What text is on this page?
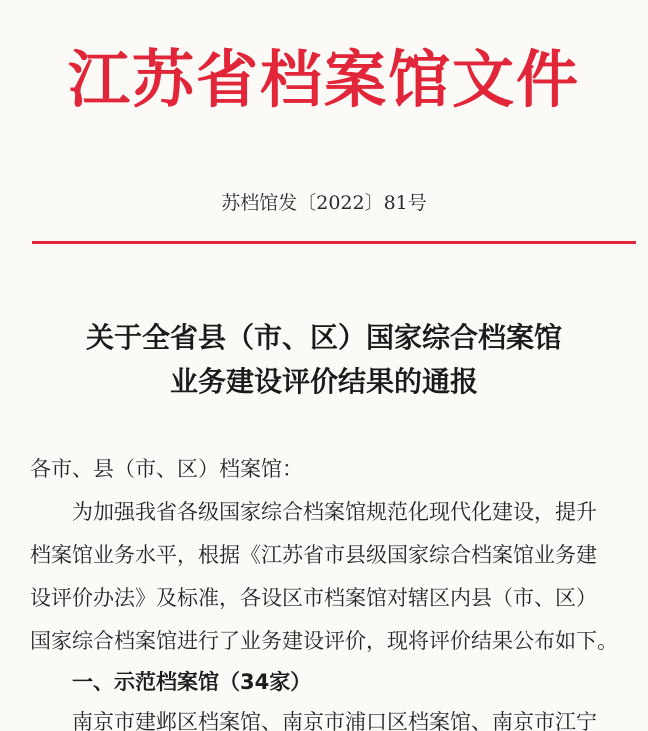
江苏省档案馆文件
苏档馆发〔2022〕81号
关于全省县（市、区）国家综合档案馆
业务建设评价结果的通报
各市、县（市、区）档案馆：
　　为加强我省各级国家综合档案馆规范化现代化建设，提升
档案馆业务水平，根据《江苏省市县级国家综合档案馆业务建
设评价办法》及标准，各设区市档案馆对辖区内县（市、区）
国家综合档案馆进行了业务建设评价，现将评价结果公布如下。
一、示范档案馆（34家）
　　南京市建邺区档案馆、南京市浦口区档案馆、南京市江宁
